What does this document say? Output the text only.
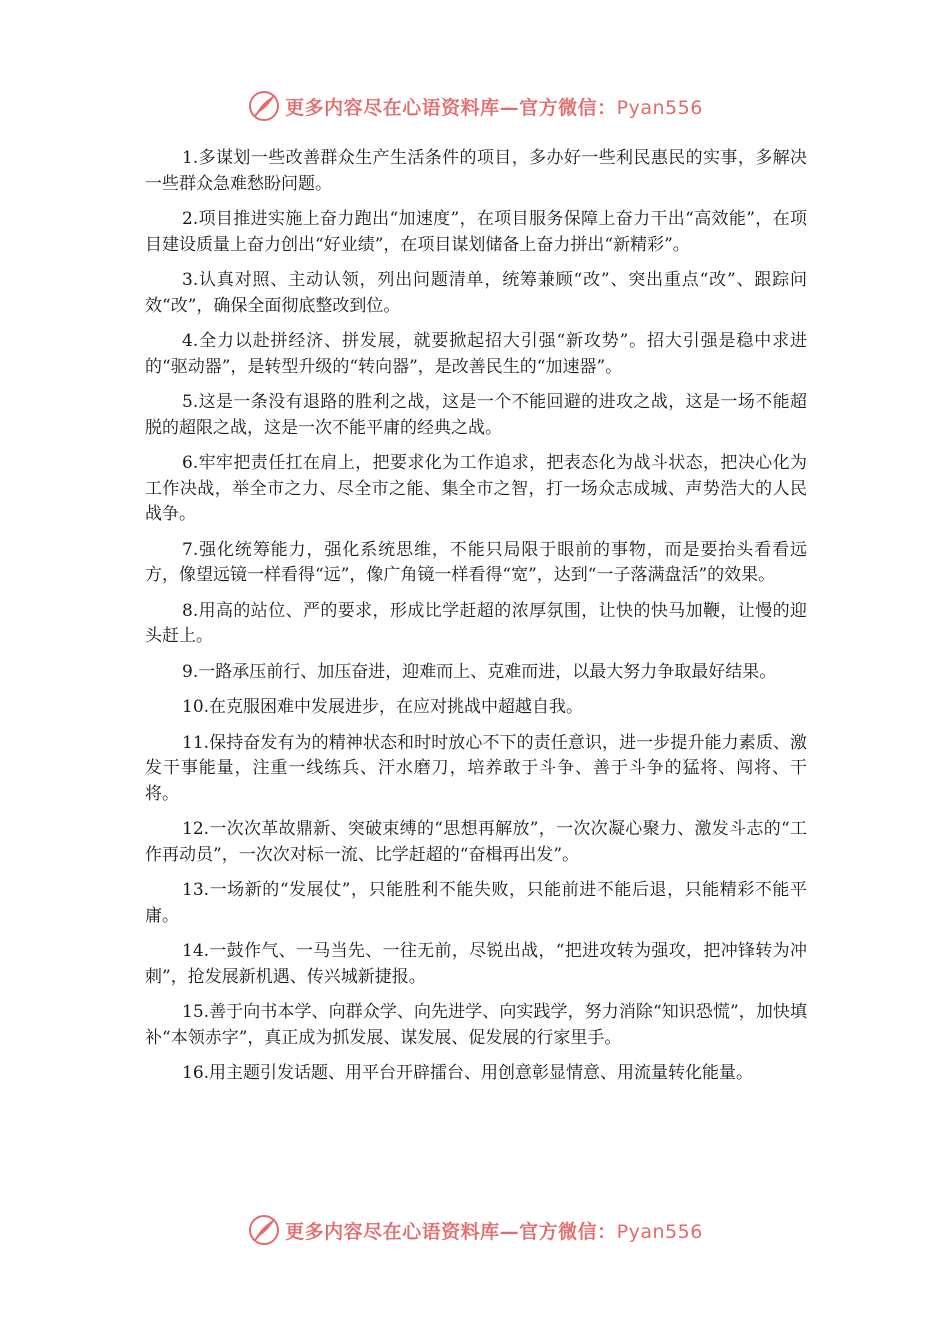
更多内容尽在心语资料库—官方微信：Pyan556

1.多谋划一些改善群众生产生活条件的项目，多办好一些利民惠民的实事，多解决一些群众急难愁盼问题。

2.项目推进实施上奋力跑出“加速度”，在项目服务保障上奋力干出“高效能”，在项目建设质量上奋力创出“好业绩”，在项目谋划储备上奋力拼出“新精彩”。

3.认真对照、主动认领，列出问题清单，统筹兼顾“改”、突出重点“改”、跟踪问效“改”，确保全面彻底整改到位。

4.全力以赴拼经济、拼发展，就要掀起招大引强“新攻势”。招大引强是稳中求进的“驱动器”，是转型升级的“转向器”，是改善民生的“加速器”。

5.这是一条没有退路的胜利之战，这是一个不能回避的进攻之战，这是一场不能超脱的超限之战，这是一次不能平庸的经典之战。

6.牢牢把责任扛在肩上，把要求化为工作追求，把表态化为战斗状态，把决心化为工作决战，举全市之力、尽全市之能、集全市之智，打一场众志成城、声势浩大的人民战争。

7.强化统筹能力，强化系统思维，不能只局限于眼前的事物，而是要抬头看看远方，像望远镜一样看得“远”，像广角镜一样看得“宽”，达到“一子落满盘活”的效果。

8.用高的站位、严的要求，形成比学赶超的浓厚氛围，让快的快马加鞭，让慢的迎头赶上。

9.一路承压前行、加压奋进，迎难而上、克难而进，以最大努力争取最好结果。

10.在克服困难中发展进步，在应对挑战中超越自我。

11.保持奋发有为的精神状态和时时放心不下的责任意识，进一步提升能力素质、激发干事能量，注重一线练兵、汗水磨刀，培养敢于斗争、善于斗争的猛将、闯将、干将。

12.一次次革故鼎新、突破束缚的“思想再解放”，一次次凝心聚力、激发斗志的“工作再动员”，一次次对标一流、比学赶超的“奋楫再出发”。

13.一场新的“发展仗”，只能胜利不能失败，只能前进不能后退，只能精彩不能平庸。

14.一鼓作气、一马当先、一往无前，尽锐出战，“把进攻转为强攻，把冲锋转为冲刺”，抢发展新机遇、传兴城新捷报。

15.善于向书本学、向群众学、向先进学、向实践学，努力消除“知识恐慌”，加快填补“本领赤字”，真正成为抓发展、谋发展、促发展的行家里手。

16.用主题引发话题、用平台开辟擂台、用创意彰显情意、用流量转化能量。

更多内容尽在心语资料库—官方微信：Pyan556
